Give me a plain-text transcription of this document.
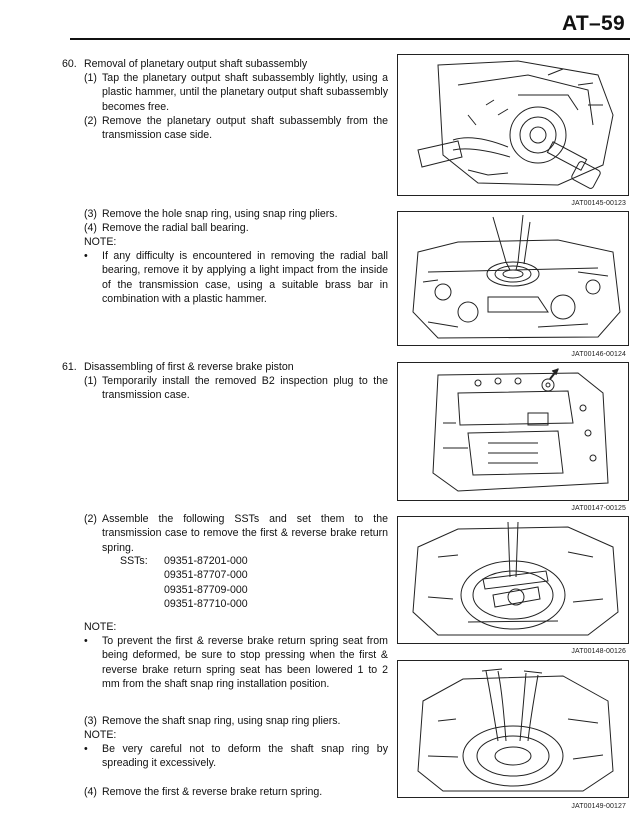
AT–59
60. Removal of planetary output shaft subassembly
(1) Tap the planetary output shaft subassembly lightly, using a plastic hammer, until the planetary output shaft subassembly becomes free.
(2) Remove the planetary output shaft subassembly from the transmission case side.
(3) Remove the hole snap ring, using snap ring pliers.
(4) Remove the radial ball bearing.
NOTE:
•	If any difficulty is encountered in removing the radial ball bearing, remove it by applying a light impact from the inside of the transmission case, using a suitable brass bar in combination with a plastic hammer.
61. Disassembling of first & reverse brake piston
(1) Temporarily install the removed B2 inspection plug to the transmission case.
(2) Assemble the following SSTs and set them to the transmission case to remove the first & reverse brake return spring.
SSTs: 09351-87201-000
09351-87707-000
09351-87709-000
09351-87710-000
NOTE:
•	To prevent the first & reverse brake return spring seat from being deformed, be sure to stop pressing when the first & reverse brake return spring seat has been lowered 1 to 2 mm from the shaft snap ring installation position.
(3) Remove the shaft snap ring, using snap ring pliers.
NOTE:
•	Be very careful not to deform the shaft snap ring by spreading it excessively.
(4) Remove the first & reverse brake return spring.
JAT00145-00123
JAT00146-00124
JAT00147-00125
JAT00148-00126
JAT00149-00127
